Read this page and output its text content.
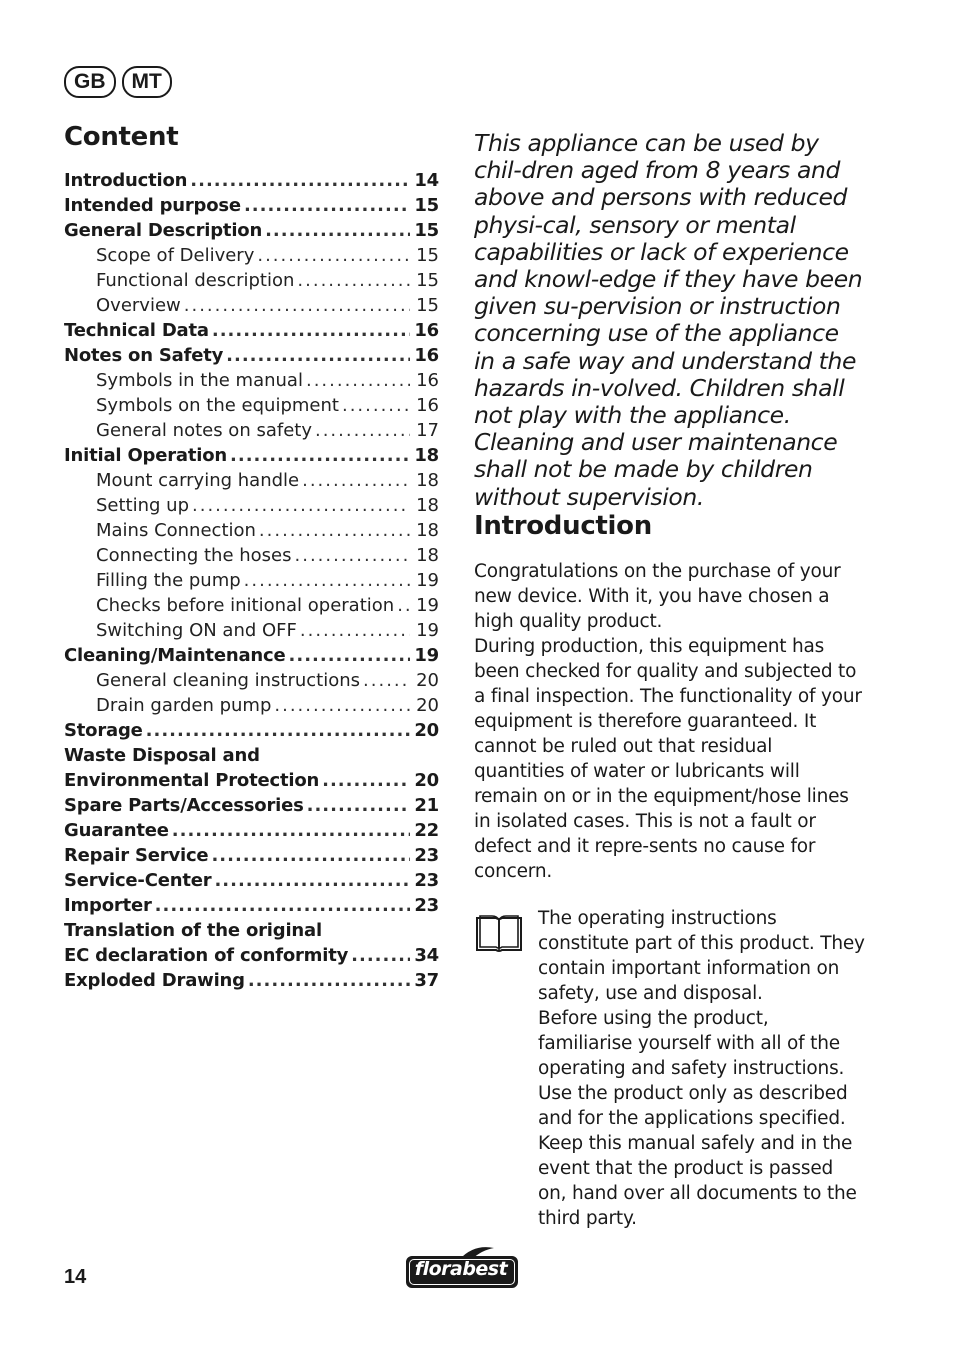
GB	MT
Content
Introduction .....	14
Intended purpose .....	15
General Description .....	15
Scope of Delivery .....	15
Functional description .....	15
Overview .....	15
Technical Data .....	16
Notes on Safety .....	16
Symbols in the manual .....	16
Symbols on the equipment .....	16
General notes on safety .....	17
Initial Operation .....	18
Mount carrying handle .....	18
Setting up .....	18
Mains Connection .....	18
Connecting the hoses .....	18
Filling the pump .....	19
Checks before initional operation ..... 19
Switching ON and OFF .....	19
Cleaning/Maintenance .....	19
General cleaning instructions .....	20
Drain garden pump .....	20
Storage .....	20
Waste Disposal and
Environmental Protection .....	20
Spare Parts/Accessories .....	21
Guarantee .....	22
Repair Service .....	23
Service-Center .....	23
Importer .....	23
Translation of the original
EC declaration of conformity .....	34
Exploded Drawing .....	37

This appliance can be used by chil-dren aged from 8 years and above and persons with reduced physi-cal, sensory or mental capabilities or lack of experience and knowl-edge if they have been given su-pervision or instruction concerning use of the appliance in a safe way and understand the hazards in-volved. Children shall not play with the appliance. Cleaning and user maintenance shall not be made by children without supervision.

Introduction

Congratulations on the purchase of your new device. With it, you have chosen a high quality product.

During production, this equipment has been checked for quality and subjected to a final inspection. The functionality of your equipment is therefore guaranteed. It cannot be ruled out that residual quantities of water or lubricants will remain on or in the equipment/hose lines in isolated cases. This is not a fault or defect and it repre-sents no cause for concern.

The operating instructions constitute part of this product. They contain important information on safety, use and disposal.

Before using the product, familiarise yourself with all of the operating and safety instructions. Use the product only as described and for the applications specified.

Keep this manual safely and in the event that the product is passed on, hand over all documents to the third party.

14	florabest
